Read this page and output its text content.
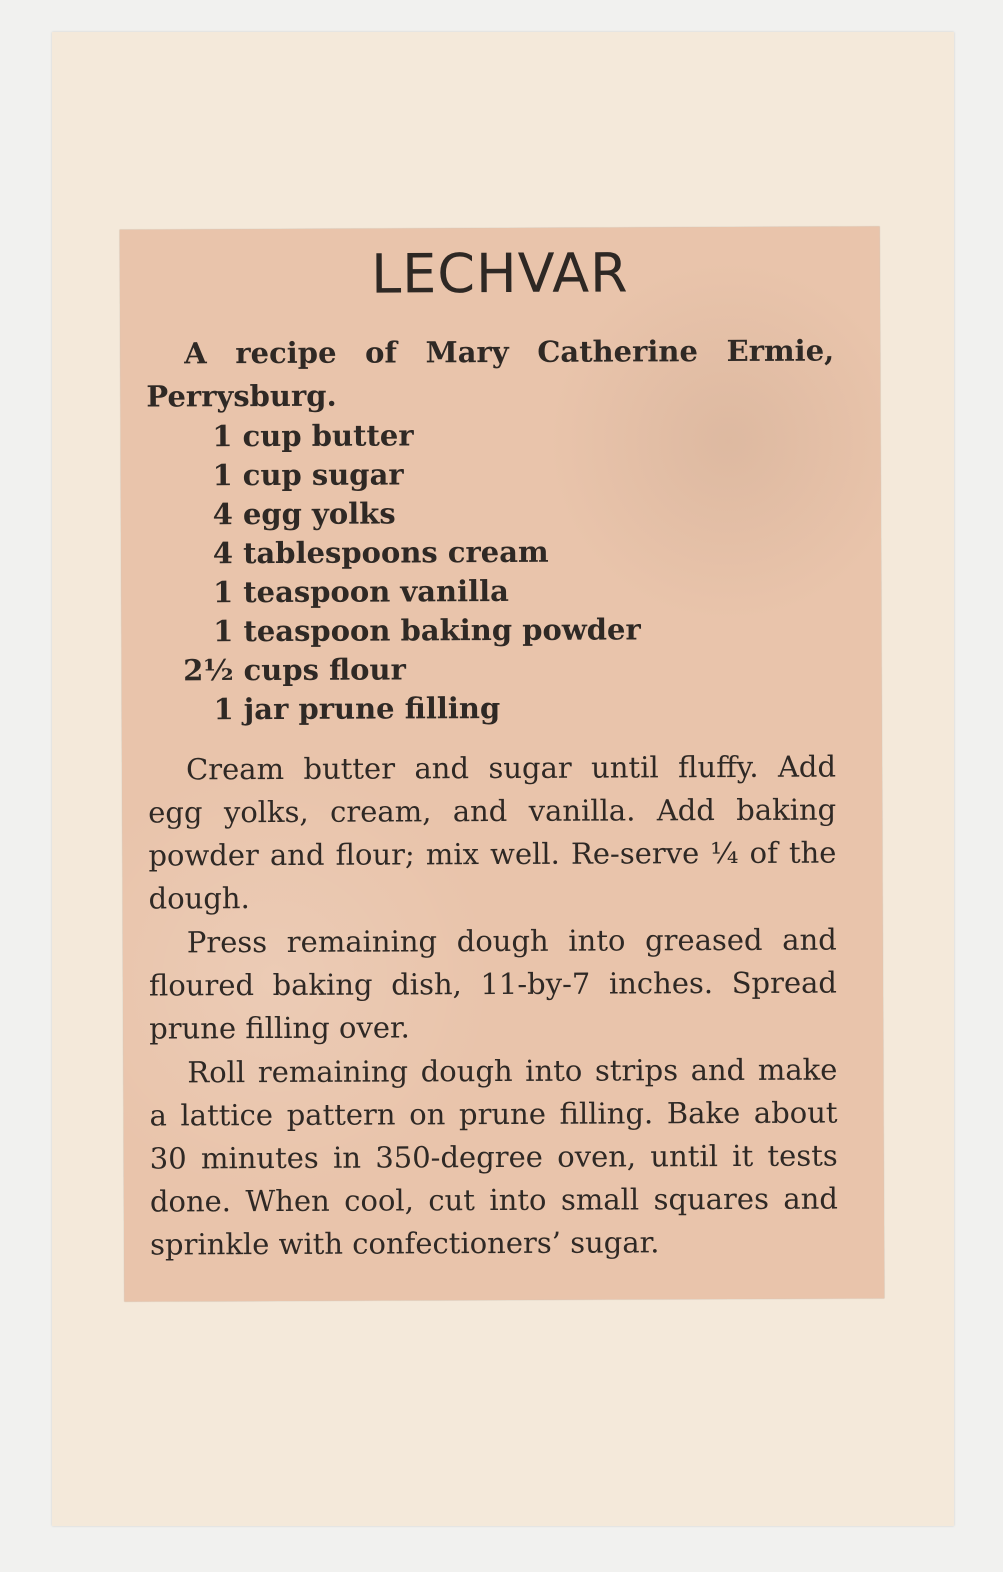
LECHVAR
A recipe of Mary Catherine Ermie, Perrysburg.
1 cup butter
1 cup sugar
4 egg yolks
4 tablespoons cream
1 teaspoon vanilla
1 teaspoon baking powder
2½ cups flour
1 jar prune filling
Cream butter and sugar until fluffy. Add egg yolks, cream, and vanilla. Add baking powder and flour; mix well. Re-serve ¼ of the dough.
Press remaining dough into greased and floured baking dish, 11-by-7 inches. Spread prune filling over.
Roll remaining dough into strips and make a lattice pattern on prune filling. Bake about 30 minutes in 350-degree oven, until it tests done. When cool, cut into small squares and sprinkle with confectioners’ sugar.
